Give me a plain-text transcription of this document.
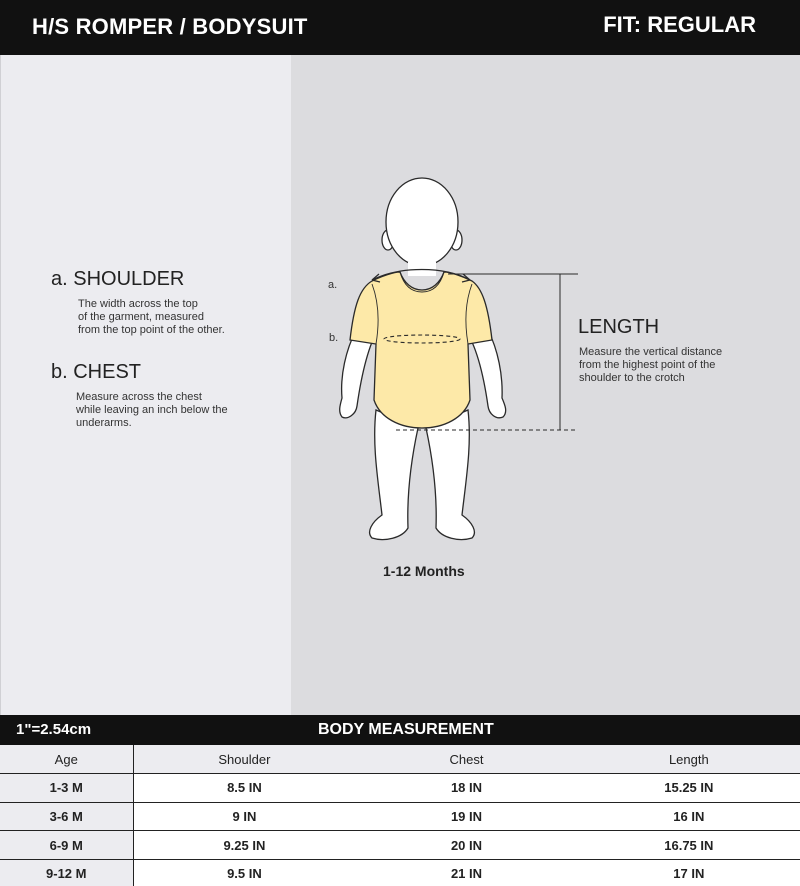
H/S ROMPER / BODYSUIT	FIT: REGULAR
a. SHOULDER
The width across the top
of the garment, measured
from the top point of the other.
b. CHEST
Measure across the chest
while leaving an inch below the
underarms.
LENGTH
Measure the vertical distance
from the highest point of the
shoulder to the crotch
a.
b.
1-12 Months
1"=2.54cm	BODY MEASUREMENT
Age	Shoulder	Chest	Length
1-3 M	8.5 IN	18 IN	15.25 IN
3-6 M	9 IN	19 IN	16 IN
6-9 M	9.25 IN	20 IN	16.75 IN
9-12 M	9.5 IN	21 IN	17 IN
